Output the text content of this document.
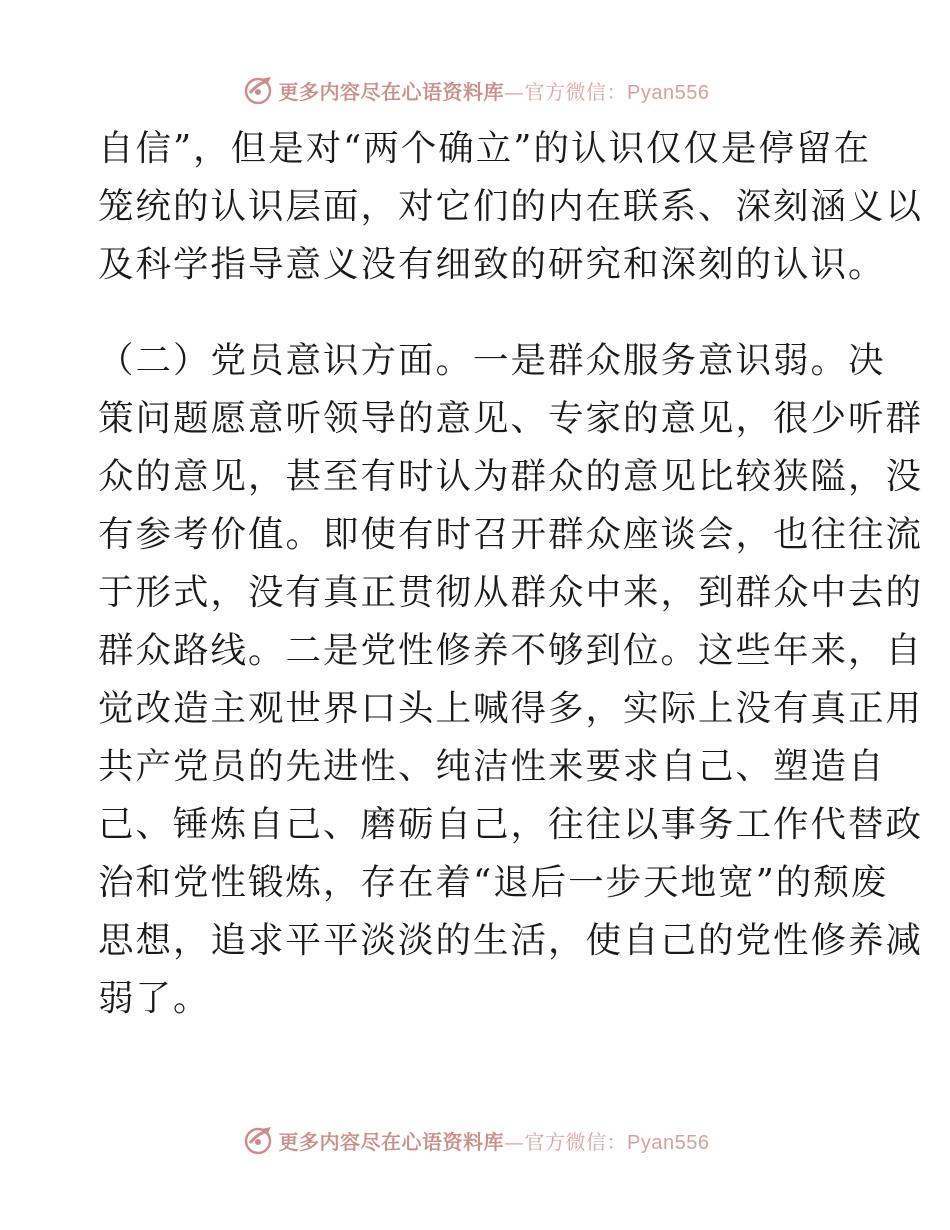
更多内容尽在心语资料库—官方微信：Pyan556
自信”，但是对“两个确立”的认识仅仅是停留在
笼统的认识层面，对它们的内在联系、深刻涵义以
及科学指导意义没有细致的研究和深刻的认识。
（二）党员意识方面。一是群众服务意识弱。决
策问题愿意听领导的意见、专家的意见，很少听群
众的意见，甚至有时认为群众的意见比较狭隘，没
有参考价值。即使有时召开群众座谈会，也往往流
于形式，没有真正贯彻从群众中来，到群众中去的
群众路线。二是党性修养不够到位。这些年来，自
觉改造主观世界口头上喊得多，实际上没有真正用
共产党员的先进性、纯洁性来要求自己、塑造自
己、锤炼自己、磨砺自己，往往以事务工作代替政
治和党性锻炼，存在着“退后一步天地宽”的颓废
思想，追求平平淡淡的生活，使自己的党性修养减
弱了。
更多内容尽在心语资料库—官方微信：Pyan556
